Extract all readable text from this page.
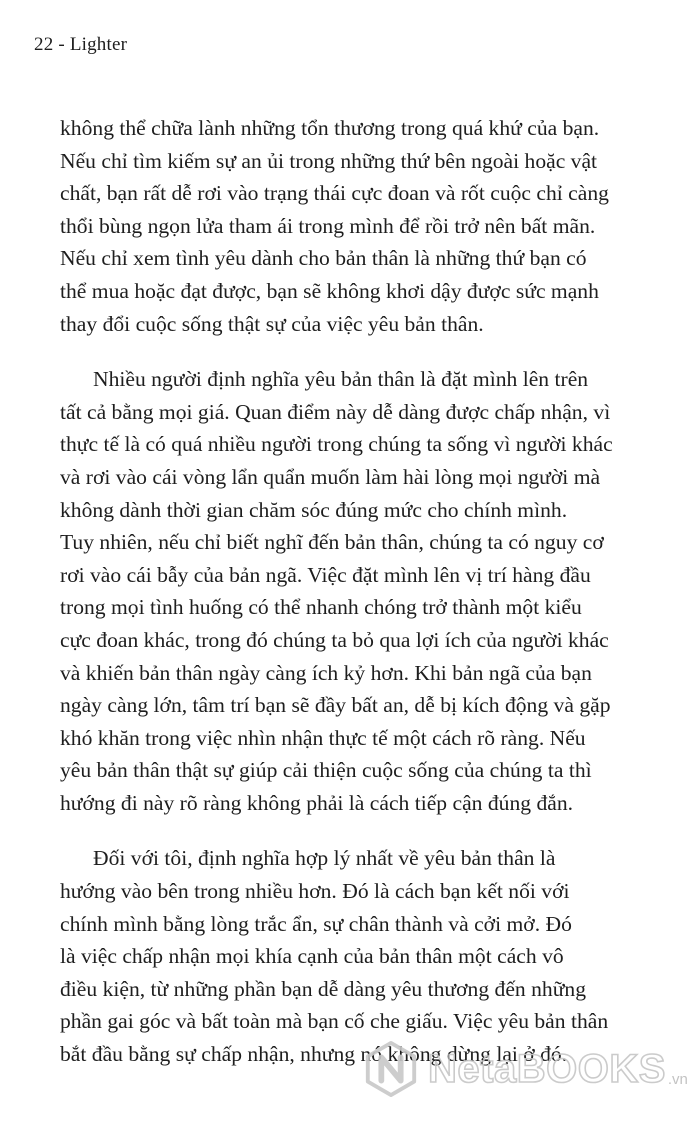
22 - Lighter
không thể chữa lành những tổn thương trong quá khứ của bạn.
Nếu chỉ tìm kiếm sự an ủi trong những thứ bên ngoài hoặc vật
chất, bạn rất dễ rơi vào trạng thái cực đoan và rốt cuộc chỉ càng
thổi bùng ngọn lửa tham ái trong mình để rồi trở nên bất mãn.
Nếu chỉ xem tình yêu dành cho bản thân là những thứ bạn có
thể mua hoặc đạt được, bạn sẽ không khơi dậy được sức mạnh
thay đổi cuộc sống thật sự của việc yêu bản thân.
Nhiều người định nghĩa yêu bản thân là đặt mình lên trên
tất cả bằng mọi giá. Quan điểm này dễ dàng được chấp nhận, vì
thực tế là có quá nhiều người trong chúng ta sống vì người khác
và rơi vào cái vòng lẩn quẩn muốn làm hài lòng mọi người mà
không dành thời gian chăm sóc đúng mức cho chính mình.
Tuy nhiên, nếu chỉ biết nghĩ đến bản thân, chúng ta có nguy cơ
rơi vào cái bẫy của bản ngã. Việc đặt mình lên vị trí hàng đầu
trong mọi tình huống có thể nhanh chóng trở thành một kiểu
cực đoan khác, trong đó chúng ta bỏ qua lợi ích của người khác
và khiến bản thân ngày càng ích kỷ hơn. Khi bản ngã của bạn
ngày càng lớn, tâm trí bạn sẽ đầy bất an, dễ bị kích động và gặp
khó khăn trong việc nhìn nhận thực tế một cách rõ ràng. Nếu
yêu bản thân thật sự giúp cải thiện cuộc sống của chúng ta thì
hướng đi này rõ ràng không phải là cách tiếp cận đúng đắn.
Đối với tôi, định nghĩa hợp lý nhất về yêu bản thân là
hướng vào bên trong nhiều hơn. Đó là cách bạn kết nối với
chính mình bằng lòng trắc ẩn, sự chân thành và cởi mở. Đó
là việc chấp nhận mọi khía cạnh của bản thân một cách vô
điều kiện, từ những phần bạn dễ dàng yêu thương đến những
phần gai góc và bất toàn mà bạn cố che giấu. Việc yêu bản thân
bắt đầu bằng sự chấp nhận, nhưng nó không dừng lại ở đó.
NetaBOOKS .vn
